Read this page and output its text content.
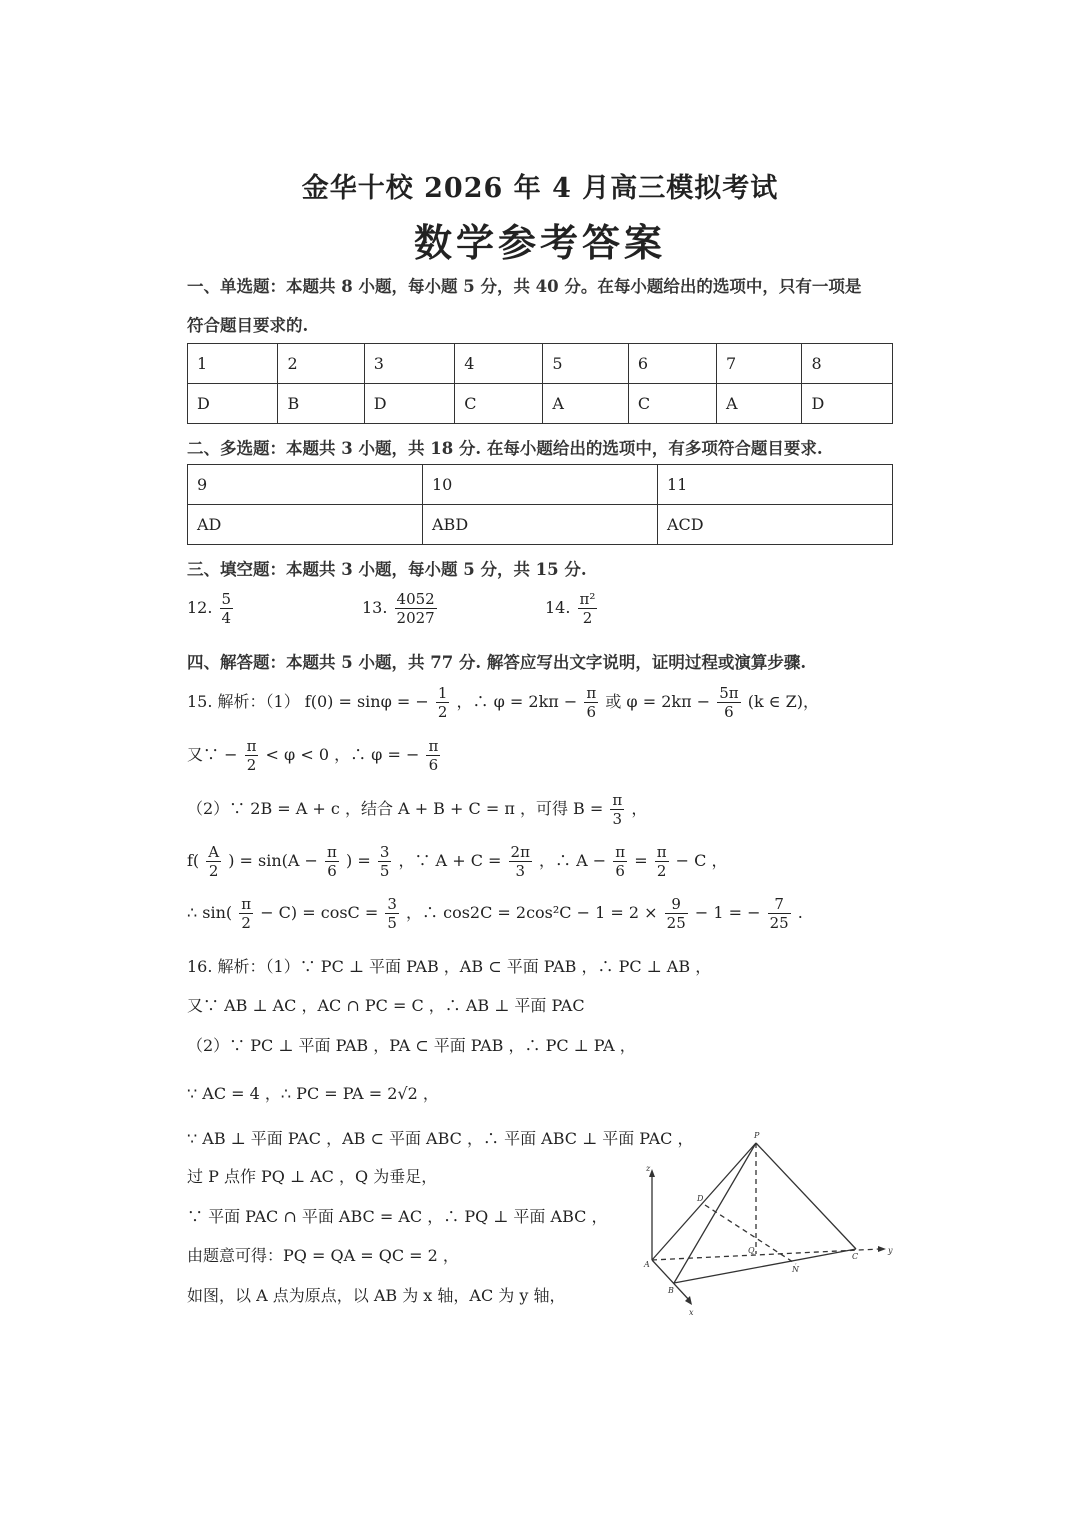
金华十校 2026 年 4 月高三模拟考试
数学参考答案
一、单选题：本题共 8 小题，每小题 5 分，共 40 分。在每小题给出的选项中，只有一项是
符合题目要求的.
1	2	3	4	5	6	7	8
D	B	D	C	A	C	A	D
二、多选题：本题共 3 小题，共 18 分. 在每小题给出的选项中，有多项符合题目要求.
9	10	11
AD	ABD	ACD
三、填空题：本题共 3 小题，每小题 5 分，共 15 分.
12. $\frac{5}{4}$	13. $\frac{4052}{2027}$	14. $\frac{\text{π²}}{2}$
四、解答题：本题共 5 小题，共 77 分. 解答应写出文字说明，证明过程或演算步骤.
15. 解析：（1） f(0) = sinφ = − $\frac{1}{2}$ ，∴ $\varphi = 2k\pi - \frac{\pi}{6}$ 或 $\varphi = 2k\pi - \frac{5\pi}{6} (k$ ∈ Z)，
又∵ − $\frac{\pi}{2} < \varphi < 0$ ，∴ φ = − $\frac{\pi}{6}$
（2）∵ 2B = A + c ，结合 A + B + C = π ，可得 $B = \frac{\pi}{3}$ ，
$f( \frac{A}{2}$ ) = $\sin(A - \frac{\pi}{6}$ ) = $\frac{3}{5}$ ，∵ $A + C = \frac{2\pi}{3}$ ，∴ $A - \frac{\pi}{6} = \frac{\pi}{2} - C$ ，
∴ $\sin( \frac{\pi}{2} - C) = \cos C = \frac{3}{5}$ ，∴ $\cos 2C = 2\cos^2C - 1 = 2 \times \frac{9}{25} - 1$ = − $\frac{7}{25}$ .
16. 解析：（1）∵ PC ⊥ 平面 PAB ，AB ⊂ 平面 PAB ，∴ PC ⊥ AB ，
又∵ AB ⊥ AC ，AC ∩ PC = C ，∴ AB ⊥ 平面 PAC
（2）∵ PC ⊥ 平面 PAB ，PA ⊂ 平面 PAB ，∴ PC ⊥ PA ，
∵ AC = 4 ，∴ PC = PA = 2√2 ，
∵ AB ⊥ 平面 PAC ，AB ⊂ 平面 ABC ，∴ 平面 ABC ⊥ 平面 PAC ，
过 P 点作 PQ ⊥ AC ，Q 为垂足，
∵ 平面 PAC ∩ 平面 ABC = AC ，∴ PQ ⊥ 平面 ABC ，
由题意可得：PQ = QA = QC = 2 ，
如图，以 A 点为原点，以 AB 为 x 轴，AC 为 y 轴，
P
D
Q
N
A
B
C
x
y
z
